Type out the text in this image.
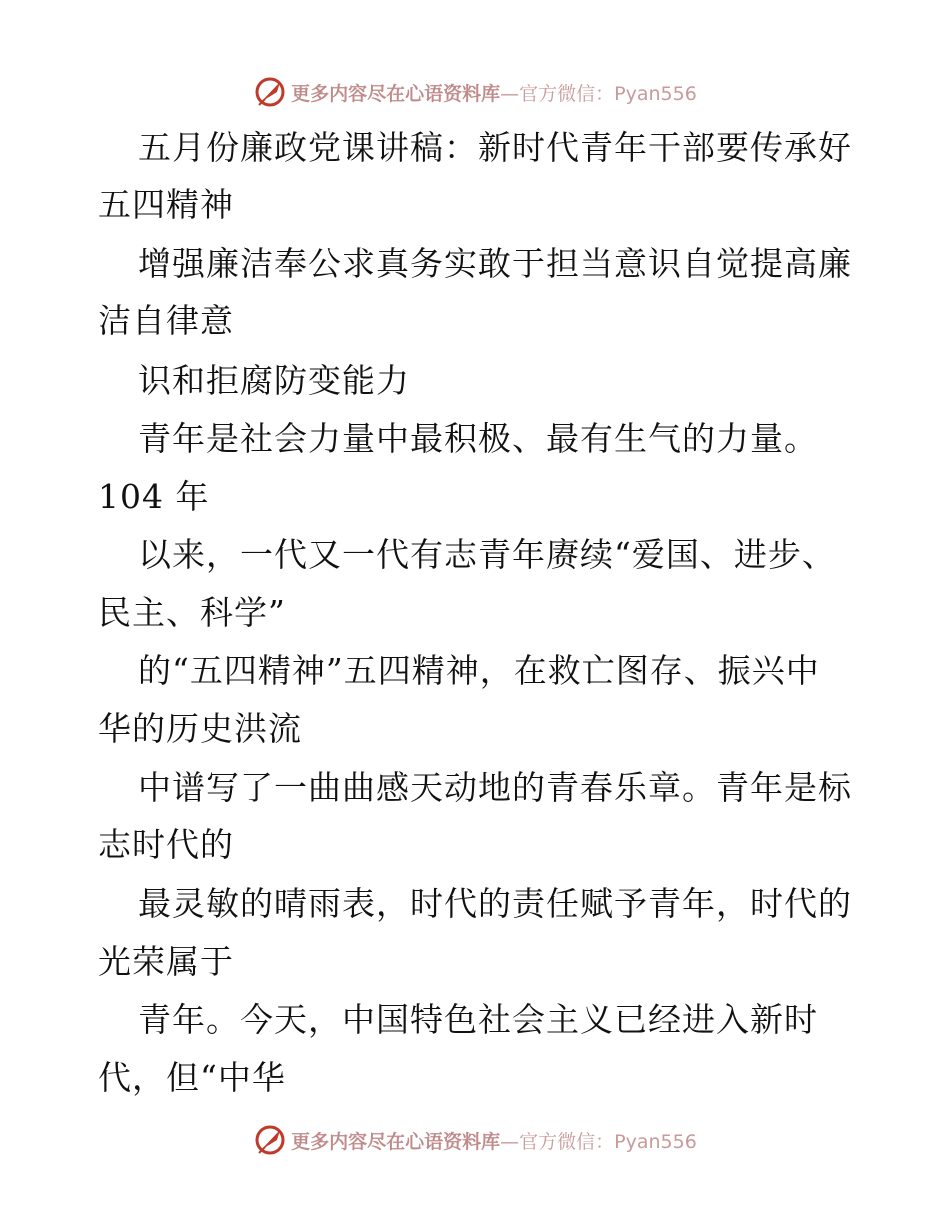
更多内容尽在心语资料库—官方微信：Pyan556
五月份廉政党课讲稿：新时代青年干部要传承好
五四精神
增强廉洁奉公求真务实敢于担当意识自觉提高廉
洁自律意
识和拒腐防变能力
青年是社会力量中最积极、最有生气的力量。
104 年
以来，一代又一代有志青年赓续“爱国、进步、
民主、科学”
的“五四精神”五四精神，在救亡图存、振兴中
华的历史洪流
中谱写了一曲曲感天动地的青春乐章。青年是标
志时代的
最灵敏的晴雨表，时代的责任赋予青年，时代的
光荣属于
青年。今天，中国特色社会主义已经进入新时
代，但“中华
更多内容尽在心语资料库—官方微信：Pyan556
